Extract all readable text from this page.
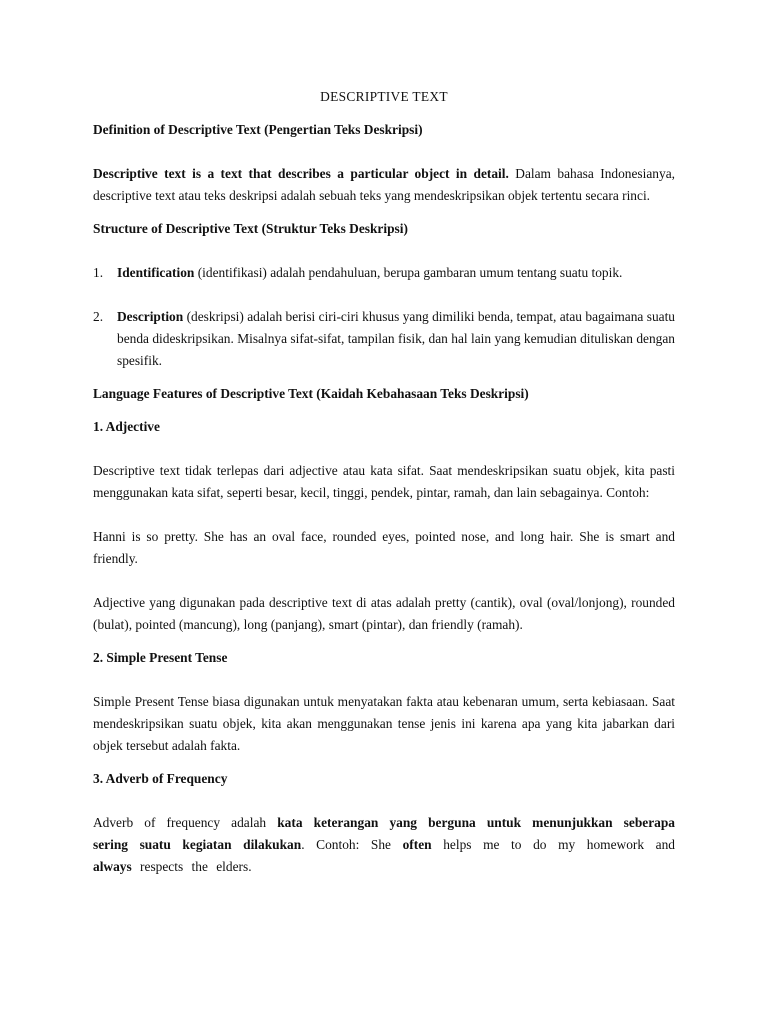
DESCRIPTIVE TEXT

Definition of Descriptive Text (Pengertian Teks Deskripsi)

Descriptive text is a text that describes a particular object in detail. Dalam bahasa Indonesianya, descriptive text atau teks deskripsi adalah sebuah teks yang mendeskripsikan objek tertentu secara rinci.

Structure of Descriptive Text (Struktur Teks Deskripsi)

1. Identification (identifikasi) adalah pendahuluan, berupa gambaran umum tentang suatu topik.
2. Description (deskripsi) adalah berisi ciri-ciri khusus yang dimiliki benda, tempat, atau bagaimana suatu benda dideskripsikan. Misalnya sifat-sifat, tampilan fisik, dan hal lain yang kemudian dituliskan dengan spesifik.

Language Features of Descriptive Text (Kaidah Kebahasaan Teks Deskripsi)

1. Adjective

Descriptive text tidak terlepas dari adjective atau kata sifat. Saat mendeskripsikan suatu objek, kita pasti menggunakan kata sifat, seperti besar, kecil, tinggi, pendek, pintar, ramah, dan lain sebagainya. Contoh:

Hanni is so pretty. She has an oval face, rounded eyes, pointed nose, and long hair. She is smart and friendly.

Adjective yang digunakan pada descriptive text di atas adalah pretty (cantik), oval (oval/lonjong), rounded (bulat), pointed (mancung), long (panjang), smart (pintar), dan friendly (ramah).

2. Simple Present Tense

Simple Present Tense biasa digunakan untuk menyatakan fakta atau kebenaran umum, serta kebiasaan. Saat mendeskripsikan suatu objek, kita akan menggunakan tense jenis ini karena apa yang kita jabarkan dari objek tersebut adalah fakta.

3. Adverb of Frequency

Adverb of frequency adalah kata keterangan yang berguna untuk menunjukkan seberapa sering suatu kegiatan dilakukan. Contoh: She often helps me to do my homework and always respects the elders.
